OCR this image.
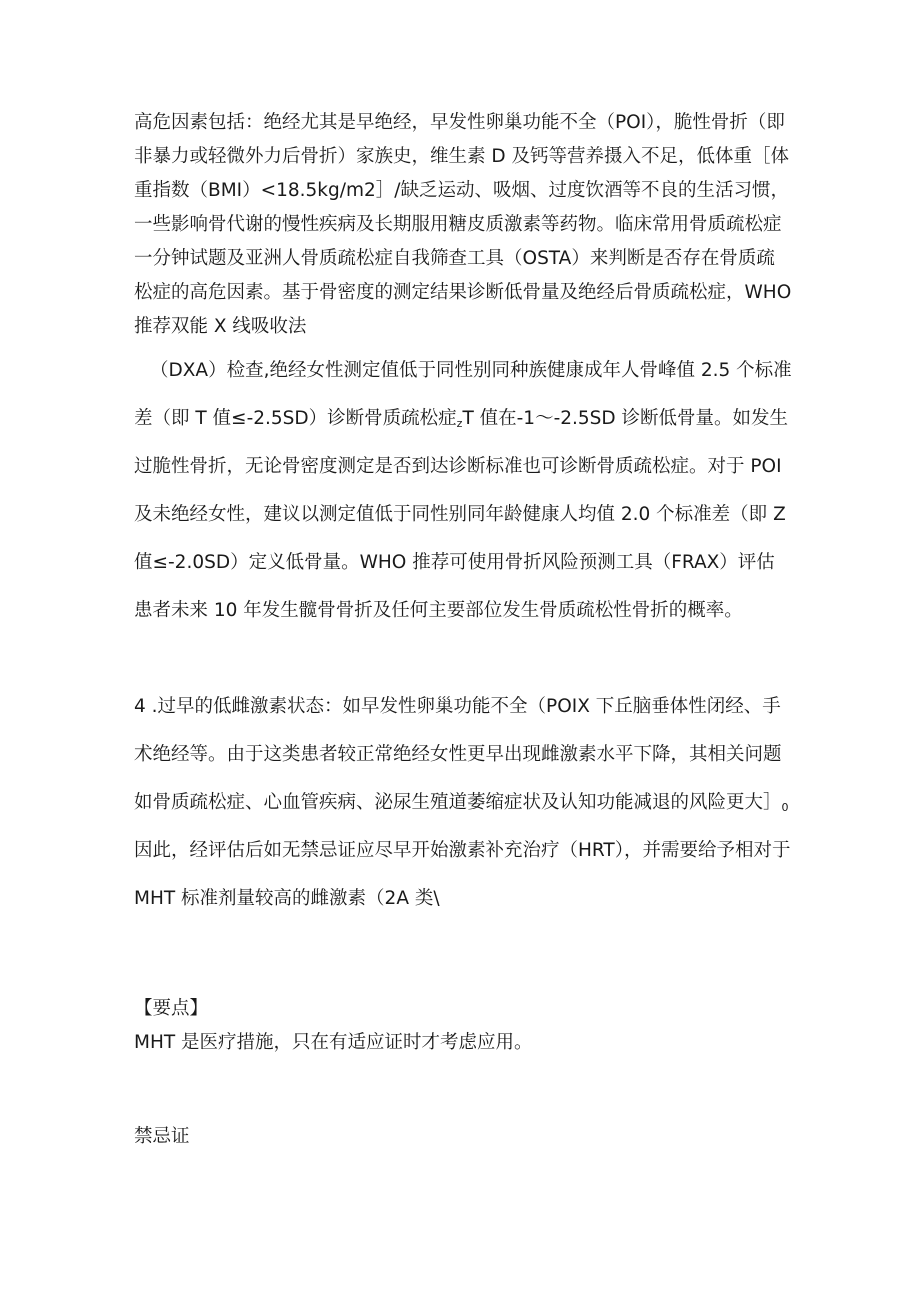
高危因素包括：绝经尤其是早绝经，早发性卵巢功能不全（POI），脆性骨折（即
非暴力或轻微外力后骨折）家族史，维生素 D 及钙等营养摄入不足，低体重［体
重指数（BMI）<18.5kg∕m2］∕缺乏运动、吸烟、过度饮酒等不良的生活习惯，
一些影响骨代谢的慢性疾病及长期服用糖皮质激素等药物。临床常用骨质疏松症
一分钟试题及亚洲人骨质疏松症自我筛查工具（OSTA）来判断是否存在骨质疏
松症的高危因素。基于骨密度的测定结果诊断低骨量及绝经后骨质疏松症，WHO
推荐双能 X 线吸收法
（DXA）检查,绝经女性测定值低于同性别同种族健康成年人骨峰值 2.5 个标准
差（即 T 值≤-2.5SD）诊断骨质疏松症$_z$T 值在-1～-2.5SD 诊断低骨量。如发生
过脆性骨折，无论骨密度测定是否到达诊断标准也可诊断骨质疏松症。对于 POI
及未绝经女性，建议以测定值低于同性别同年龄健康人均值 2.0 个标准差（即 Z
值≤-2.0SD）定义低骨量。WHO 推荐可使用骨折风险预测工具（FRAX）评估
患者未来 10 年发生髋骨骨折及任何主要部位发生骨质疏松性骨折的概率。
4 .过早的低雌激素状态：如早发性卵巢功能不全（POIX 下丘脑垂体性闭经、手
术绝经等。由于这类患者较正常绝经女性更早出现雌激素水平下降，其相关问题
如骨质疏松症、心血管疾病、泌尿生殖道萎缩症状及认知功能减退的风险更大$]_0$
因此，经评估后如无禁忌证应尽早开始激素补充治疗（HRT），并需要给予相对于
MHT 标准剂量较高的雌激素（2A 类\
【要点】
MHT 是医疗措施，只在有适应证时才考虑应用。
禁忌证
